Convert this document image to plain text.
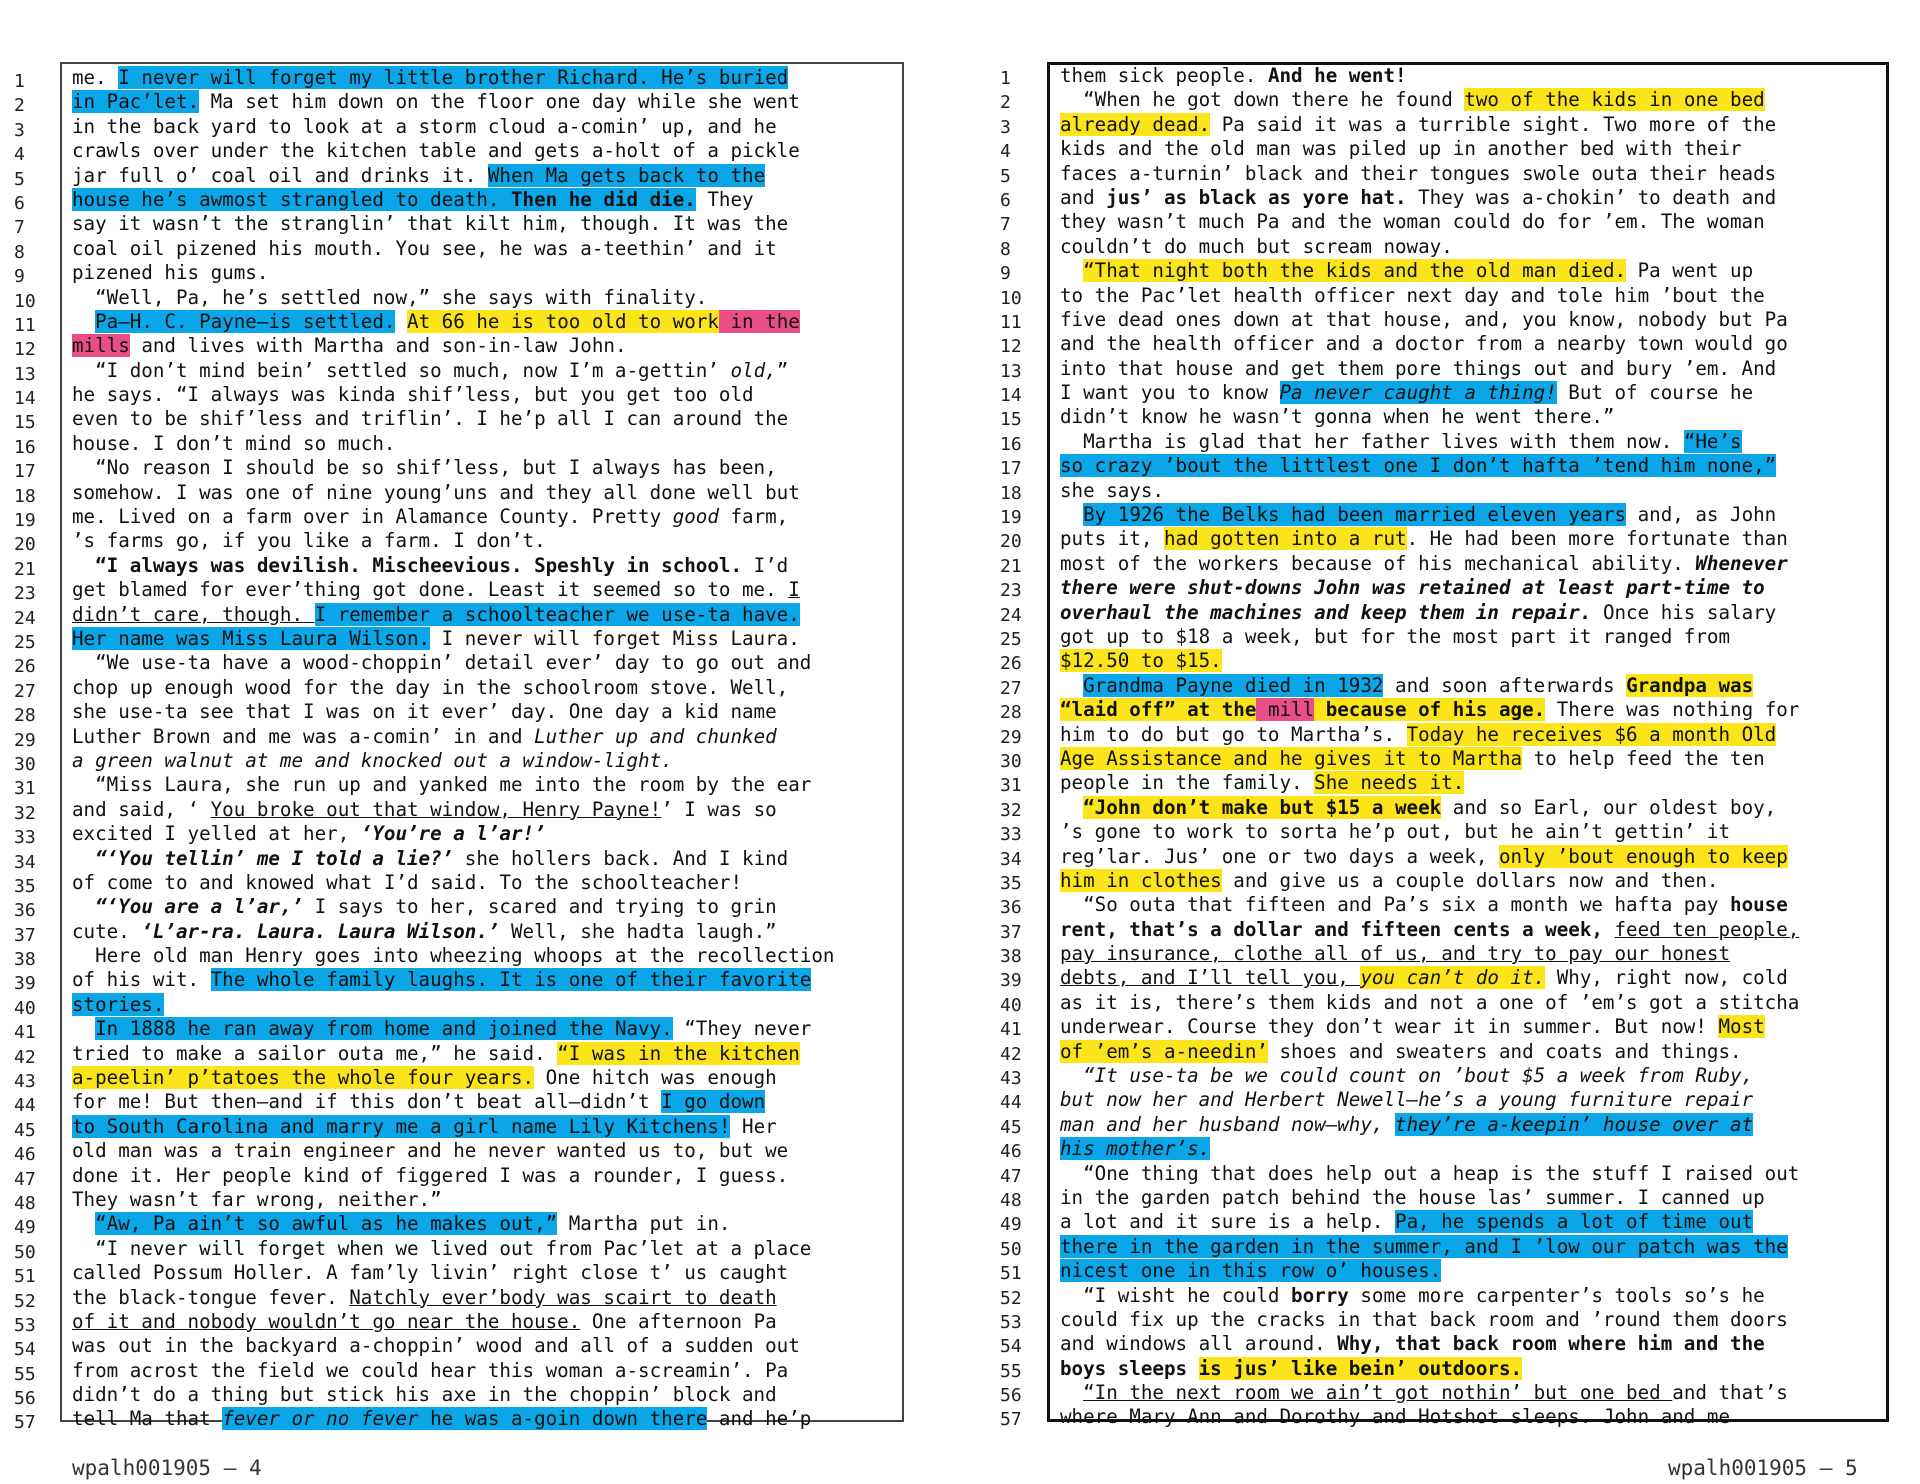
1
2
3
4
5
6
7
8
9
10
11
12
13
14
15
16
17
18
19
20
21
23
24
25
26
27
28
29
30
31
32
33
34
35
36
37
38
39
40
41
42
43
44
45
46
47
48
49
50
51
52
53
54
55
56
57
me. I never will forget my little brother Richard. He’s buried
in Pac’let. Ma set him down on the floor one day while she went
in the back yard to look at a storm cloud a-comin’ up, and he
crawls over under the kitchen table and gets a-holt of a pickle
jar full o’ coal oil and drinks it. When Ma gets back to the
house he’s awmost strangled to death. Then he did die. They
say it wasn’t the stranglin’ that kilt him, though. It was the
coal oil pizened his mouth. You see, he was a-teethin’ and it
pizened his gums.
“Well, Pa, he’s settled now,” she says with finality.
Pa—H. C. Payne—is settled. At 66 he is too old to work in the
mills and lives with Martha and son-in-law John.
“I don’t mind bein’ settled so much, now I’m a-gettin’ old,”
he says. “I always was kinda shif’less, but you get too old
even to be shif’less and triflin’. I he’p all I can around the
house. I don’t mind so much.
“No reason I should be so shif’less, but I always has been,
somehow. I was one of nine young’uns and they all done well but
me. Lived on a farm over in Alamance County. Pretty good farm,
’s farms go, if you like a farm. I don’t.
“I always was devilish. Mischeevious. Speshly in school. I’d
get blamed for ever’thing got done. Least it seemed so to me. I
didn’t care, though. I remember a schoolteacher we use-ta have.
Her name was Miss Laura Wilson. I never will forget Miss Laura.
“We use-ta have a wood-choppin’ detail ever’ day to go out and
chop up enough wood for the day in the schoolroom stove. Well,
she use-ta see that I was on it ever’ day. One day a kid name
Luther Brown and me was a-comin’ in and Luther up and chunked
a green walnut at me and knocked out a window-light.
“Miss Laura, she run up and yanked me into the room by the ear
and said, ‘ You broke out that window, Henry Payne!’ I was so
excited I yelled at her, ‘You’re a l’ar!’
“‘You tellin’ me I told a lie?’ she hollers back. And I kind
of come to and knowed what I’d said. To the schoolteacher!
“‘You are a l’ar,’ I says to her, scared and trying to grin
cute. ‘L’ar-ra. Laura. Laura Wilson.’ Well, she hadta laugh.”
Here old man Henry goes into wheezing whoops at the recollection
of his wit. The whole family laughs. It is one of their favorite
stories.
In 1888 he ran away from home and joined the Navy. “They never
tried to make a sailor outa me,” he said. “I was in the kitchen
a-peelin’ p’tatoes the whole four years. One hitch was enough
for me! But then—and if this don’t beat all—didn’t I go down
to South Carolina and marry me a girl name Lily Kitchens! Her
old man was a train engineer and he never wanted us to, but we
done it. Her people kind of figgered I was a rounder, I guess.
They wasn’t far wrong, neither.”
“Aw, Pa ain’t so awful as he makes out,” Martha put in.
“I never will forget when we lived out from Pac’let at a place
called Possum Holler. A fam’ly livin’ right close t’ us caught
the black-tongue fever. Natchly ever’body was scairt to death
of it and nobody wouldn’t go near the house. One afternoon Pa
was out in the backyard a-choppin’ wood and all of a sudden out
from acrost the field we could hear this woman a-screamin’. Pa
didn’t do a thing but stick his axe in the choppin’ block and
tell Ma that fever or no fever he was a-goin down there and he’p
1
2
3
4
5
6
7
8
9
10
11
12
13
14
15
16
17
18
19
20
21
23
24
25
26
27
28
29
30
31
32
33
34
35
36
37
38
39
40
41
42
43
44
45
46
47
48
49
50
51
52
53
54
55
56
57
them sick people. And he went!
“When he got down there he found two of the kids in one bed
already dead. Pa said it was a turrible sight. Two more of the
kids and the old man was piled up in another bed with their
faces a-turnin’ black and their tongues swole outa their heads
and jus’ as black as yore hat. They was a-chokin’ to death and
they wasn’t much Pa and the woman could do for ’em. The woman
couldn’t do much but scream noway.
“That night both the kids and the old man died. Pa went up
to the Pac’let health officer next day and tole him ’bout the
five dead ones down at that house, and, you know, nobody but Pa
and the health officer and a doctor from a nearby town would go
into that house and get them pore things out and bury ’em. And
I want you to know Pa never caught a thing! But of course he
didn’t know he wasn’t gonna when he went there.”
Martha is glad that her father lives with them now. “He’s
so crazy ’bout the littlest one I don’t hafta ’tend him none,”
she says.
By 1926 the Belks had been married eleven years and, as John
puts it, had gotten into a rut. He had been more fortunate than
most of the workers because of his mechanical ability. Whenever
there were shut-downs John was retained at least part-time to
overhaul the machines and keep them in repair. Once his salary
got up to $18 a week, but for the most part it ranged from
$12.50 to $15.
Grandma Payne died in 1932 and soon afterwards Grandpa was
“laid off” at the mill because of his age. There was nothing for
him to do but go to Martha’s. Today he receives $6 a month Old
Age Assistance and he gives it to Martha to help feed the ten
people in the family. She needs it.
“John don’t make but $15 a week and so Earl, our oldest boy,
’s gone to work to sorta he’p out, but he ain’t gettin’ it
reg’lar. Jus’ one or two days a week, only ’bout enough to keep
him in clothes and give us a couple dollars now and then.
“So outa that fifteen and Pa’s six a month we hafta pay house
rent, that’s a dollar and fifteen cents a week, feed ten people,
pay insurance, clothe all of us, and try to pay our honest
debts, and I’ll tell you, you can’t do it. Why, right now, cold
as it is, there’s them kids and not a one of ’em’s got a stitcha
underwear. Course they don’t wear it in summer. But now! Most
of ’em’s a-needin’ shoes and sweaters and coats and things.
“It use-ta be we could count on ’bout $5 a week from Ruby,
but now her and Herbert Newell—he’s a young furniture repair
man and her husband now—why, they’re a-keepin’ house over at
his mother’s.
“One thing that does help out a heap is the stuff I raised out
in the garden patch behind the house las’ summer. I canned up
a lot and it sure is a help. Pa, he spends a lot of time out
there in the garden in the summer, and I ’low our patch was the
nicest one in this row o’ houses.
“I wisht he could borry some more carpenter’s tools so’s he
could fix up the cracks in that back room and ’round them doors
and windows all around. Why, that back room where him and the
boys sleeps is jus’ like bein’ outdoors.
“In the next room we ain’t got nothin’ but one bed and that’s
where Mary Ann and Dorothy and Hotshot sleeps. John and me
wpalh001905 — 4	wpalh001905 — 5
